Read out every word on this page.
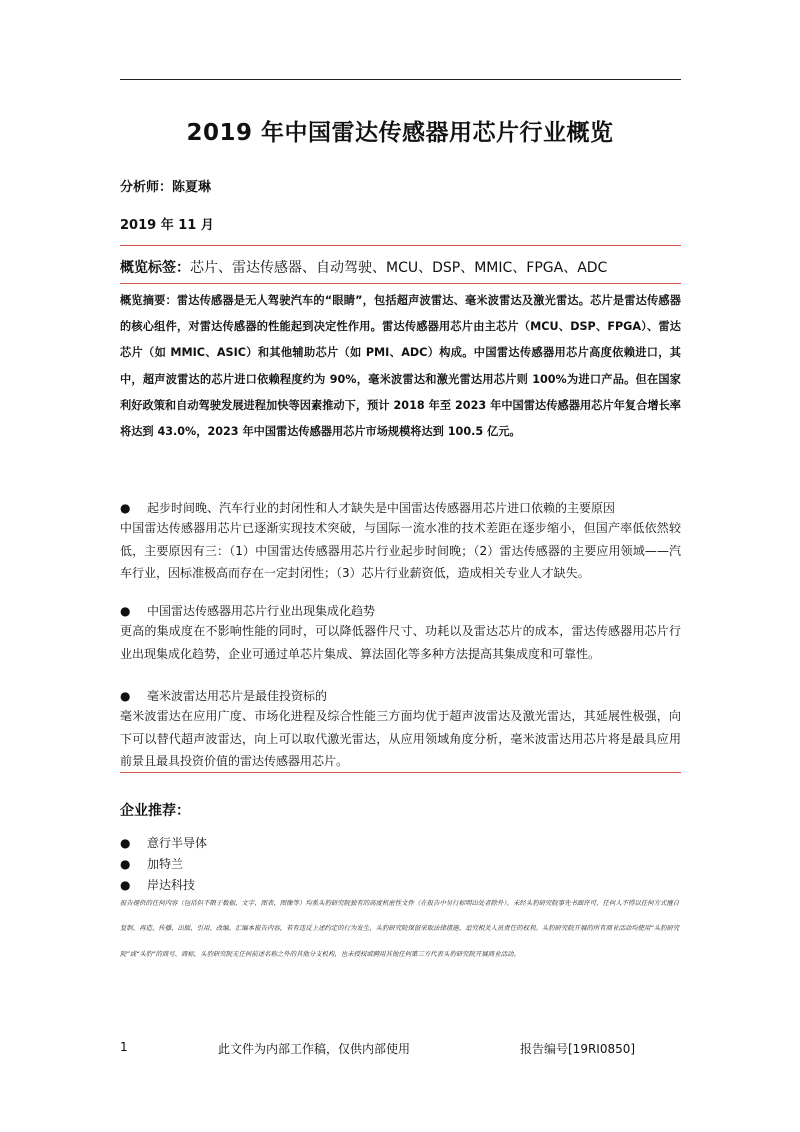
2019 年中国雷达传感器用芯片行业概览
分析师：陈夏琳
2019 年 11 月
概览标签：芯片、雷达传感器、自动驾驶、MCU、DSP、MMIC、FPGA、ADC
概览摘要：雷达传感器是无人驾驶汽车的“眼睛”，包括超声波雷达、毫米波雷达及激光雷达。芯片是雷达传感器的核心组件，对雷达传感器的性能起到决定性作用。雷达传感器用芯片由主芯片（MCU、DSP、FPGA）、雷达芯片（如 MMIC、ASIC）和其他辅助芯片（如 PMI、ADC）构成。中国雷达传感器用芯片高度依赖进口，其中，超声波雷达的芯片进口依赖程度约为 90%，毫米波雷达和激光雷达用芯片则 100%为进口产品。但在国家利好政策和自动驾驶发展进程加快等因素推动下，预计 2018 年至 2023 年中国雷达传感器用芯片年复合增长率将达到 43.0%，2023 年中国雷达传感器用芯片市场规模将达到 100.5 亿元。
● 起步时间晚、汽车行业的封闭性和人才缺失是中国雷达传感器用芯片进口依赖的主要原因
中国雷达传感器用芯片已逐渐实现技术突破，与国际一流水准的技术差距在逐步缩小，但国产率低依然较低，主要原因有三：（1）中国雷达传感器用芯片行业起步时间晚；（2）雷达传感器的主要应用领域——汽车行业，因标准极高而存在一定封闭性；（3）芯片行业薪资低，造成相关专业人才缺失。
● 中国雷达传感器用芯片行业出现集成化趋势
更高的集成度在不影响性能的同时，可以降低器件尺寸、功耗以及雷达芯片的成本，雷达传感器用芯片行业出现集成化趋势，企业可通过单芯片集成、算法固化等多种方法提高其集成度和可靠性。
● 毫米波雷达用芯片是最佳投资标的
毫米波雷达在应用广度、市场化进程及综合性能三方面均优于超声波雷达及激光雷达，其延展性极强，向下可以替代超声波雷达，向上可以取代激光雷达，从应用领域角度分析，毫米波雷达用芯片将是最具应用前景且最具投资价值的雷达传感器用芯片。
企业推荐：
● 意行半导体
● 加特兰
● 岸达科技
报告提供的任何内容（包括但不限于数据、文字、图表、图像等）均系头豹研究院独有的高度机密性文件（在报告中另行标明出处者除外）。未经头豹研究院事先书面许可，任何人不得以任何方式擅自复制、再造、传播、出版、引用、改编、汇编本报告内容，若有违反上述约定的行为发生，头豹研究院保留采取法律措施、追究相关人员责任的权利。头豹研究院开展的所有商业活动均使用“头豹研究院”或“头豹”的商号、商标，头豹研究院无任何前述名称之外的其他分支机构，也未授权或聘用其他任何第三方代表头豹研究院开展商业活动。
1	此文件为内部工作稿，仅供内部使用	报告编号[19RI0850]
